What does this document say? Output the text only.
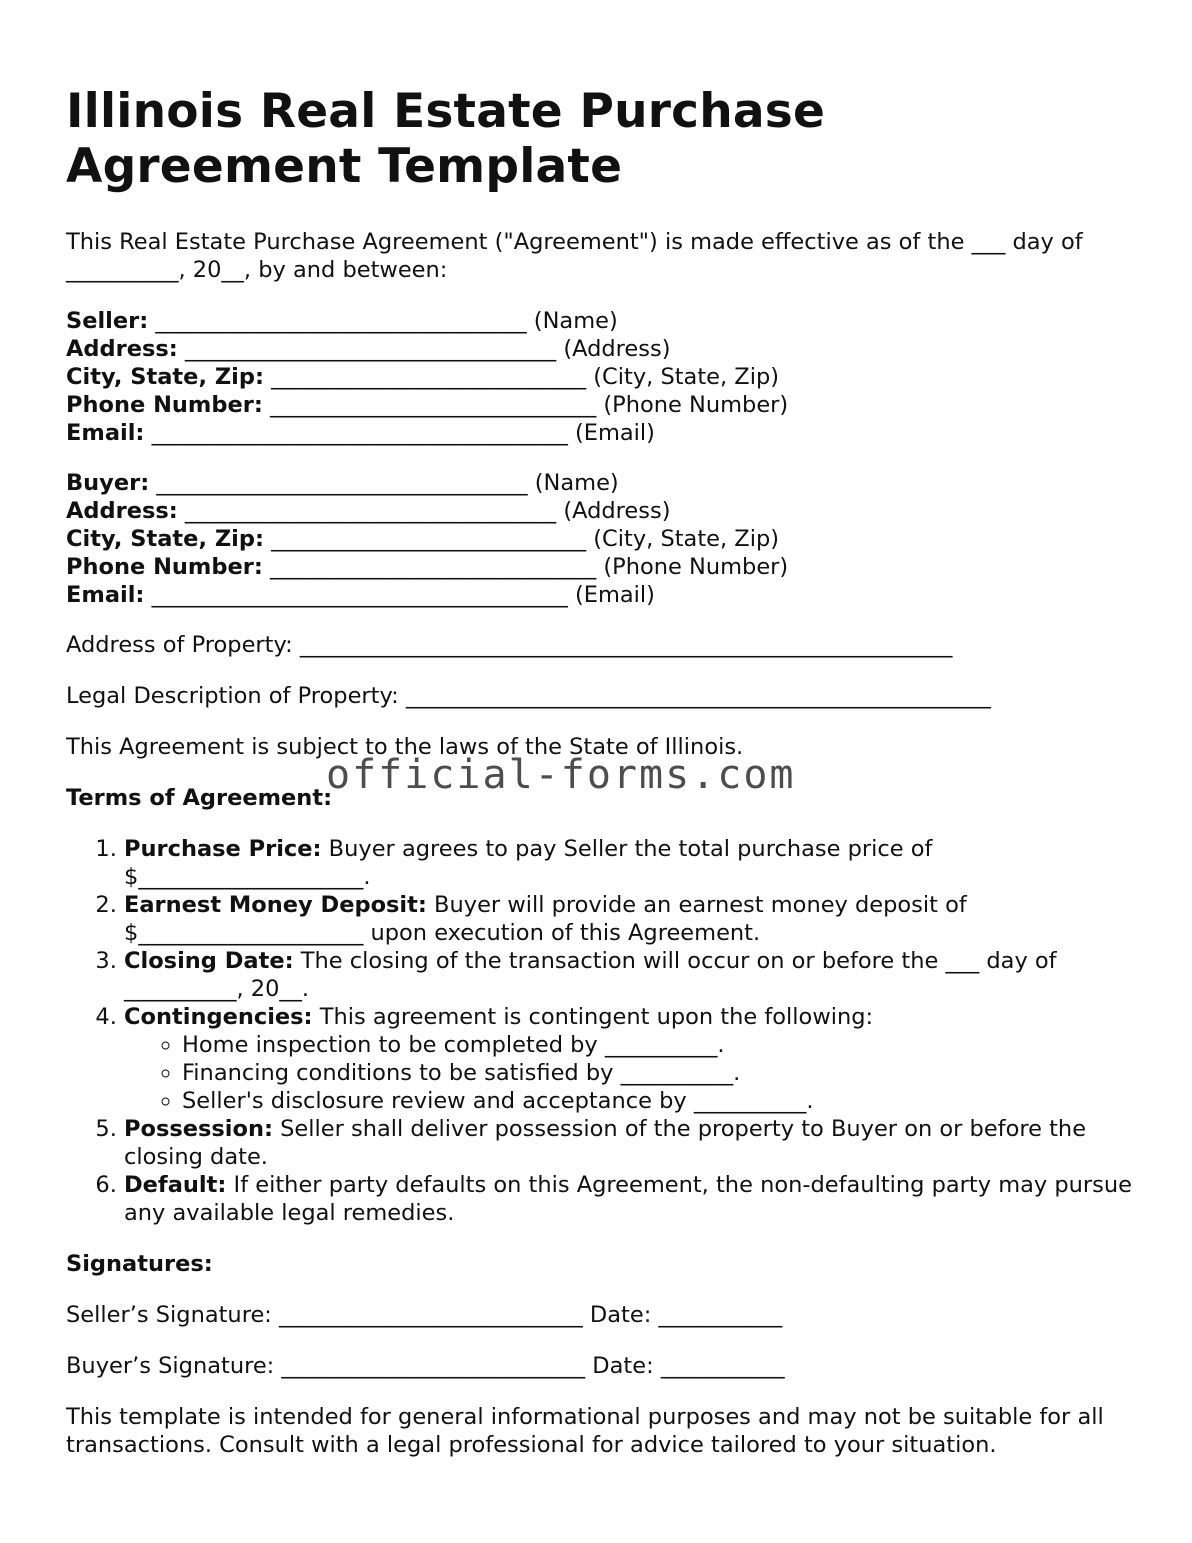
Illinois Real Estate Purchase Agreement Template

This Real Estate Purchase Agreement ("Agreement") is made effective as of the ___ day of __________, 20__, by and between:

Seller: _________________________________ (Name)
Address: _________________________________ (Address)
City, State, Zip: ____________________________ (City, State, Zip)
Phone Number: _____________________________ (Phone Number)
Email: _____________________________________ (Email)
Buyer: _________________________________ (Name)
Address: _________________________________ (Address)
City, State, Zip: ____________________________ (City, State, Zip)
Phone Number: _____________________________ (Phone Number)
Email: _____________________________________ (Email)

Address of Property: __________________________________________________________

Legal Description of Property: ____________________________________________________

This Agreement is subject to the laws of the State of Illinois.

Terms of Agreement:
1. Purchase Price: Buyer agrees to pay Seller the total purchase price of $____________________.
2. Earnest Money Deposit: Buyer will provide an earnest money deposit of $____________________ upon execution of this Agreement.
3. Closing Date: The closing of the transaction will occur on or before the ___ day of __________, 20__.
4. Contingencies: This agreement is contingent upon the following:
◦ Home inspection to be completed by __________.
◦ Financing conditions to be satisfied by __________.
◦ Seller's disclosure review and acceptance by __________.
5. Possession: Seller shall deliver possession of the property to Buyer on or before the closing date.
6. Default: If either party defaults on this Agreement, the non-defaulting party may pursue any available legal remedies.
Signatures:

Seller’s Signature: ___________________________ Date: ___________

Buyer’s Signature: ___________________________ Date: ___________

This template is intended for general informational purposes and may not be suitable for all transactions. Consult with a legal professional for advice tailored to your situation.

official-forms.com
